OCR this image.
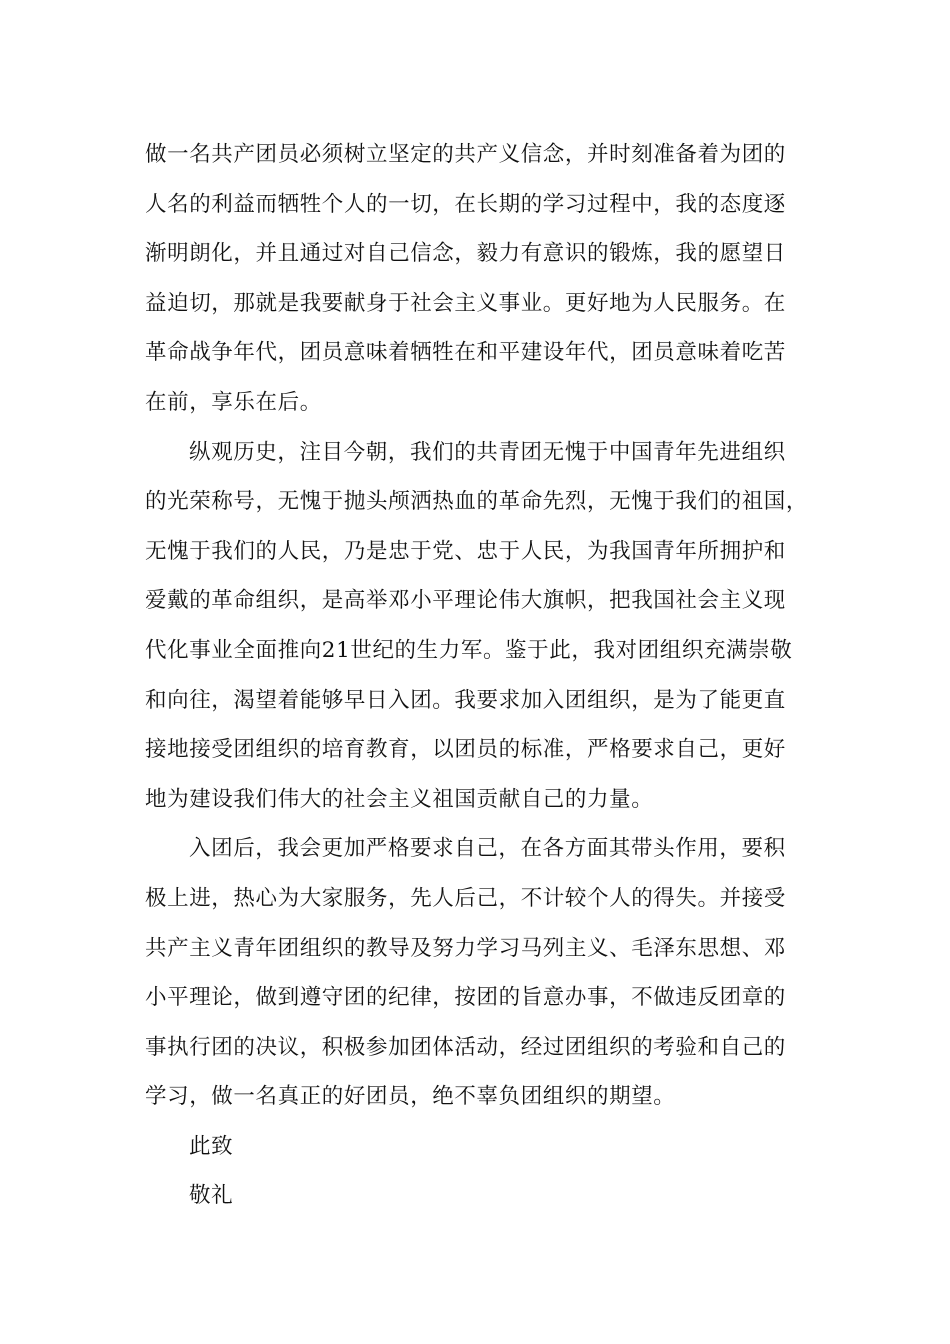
做一名共产团员必须树立坚定的共产义信念，并时刻准备着为团的
人名的利益而牺牲个人的一切，在长期的学习过程中，我的态度逐
渐明朗化，并且通过对自己信念，毅力有意识的锻炼，我的愿望日
益迫切，那就是我要献身于社会主义事业。更好地为人民服务。在
革命战争年代，团员意味着牺牲在和平建设年代，团员意味着吃苦
在前，享乐在后。
纵观历史，注目今朝，我们的共青团无愧于中国青年先进组织
的光荣称号，无愧于抛头颅洒热血的革命先烈，无愧于我们的祖国，
无愧于我们的人民，乃是忠于党、忠于人民，为我国青年所拥护和
爱戴的革命组织，是高举邓小平理论伟大旗帜，把我国社会主义现
代化事业全面推向21世纪的生力军。鉴于此，我对团组织充满崇敬
和向往，渴望着能够早日入团。我要求加入团组织，是为了能更直
接地接受团组织的培育教育，以团员的标准，严格要求自己，更好
地为建设我们伟大的社会主义祖国贡献自己的力量。
入团后，我会更加严格要求自己，在各方面其带头作用，要积
极上进，热心为大家服务，先人后己，不计较个人的得失。并接受
共产主义青年团组织的教导及努力学习马列主义、毛泽东思想、邓
小平理论，做到遵守团的纪律，按团的旨意办事，不做违反团章的
事执行团的决议，积极参加团体活动，经过团组织的考验和自己的
学习，做一名真正的好团员，绝不辜负团组织的期望。
此致
敬礼
